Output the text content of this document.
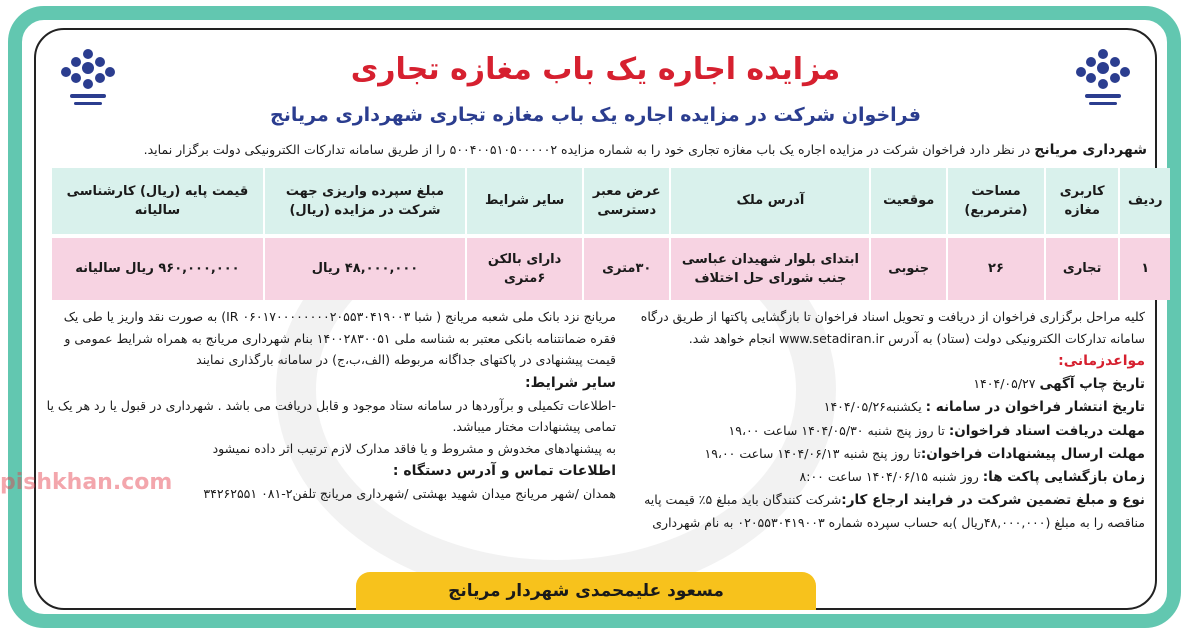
مزایده اجاره یک باب مغازه تجاری
فراخوان شرکت در مزایده اجاره یک باب مغازه تجاری شهرداری مریانج
شهرداری مریانج در نظر دارد فراخوان شرکت در مزایده اجاره یک باب مغازه تجاری خود را به شماره مزایده ۵۰۰۴۰۰۵۱۰۵۰۰۰۰۰۲ را از طریق سامانه تدارکات الکترونیکی دولت برگزار نماید.
ردیف	کاربری مغازه	مساحت (مترمربع)	موقعیت	آدرس ملک	عرض معبر دسترسی	سایر شرایط	مبلغ سپرده واریزی جهت شرکت در مزایده (ریال)	قیمت پایه (ریال) کارشناسی سالیانه

۱	تجاری	۲۶	جنوبی	ابتدای بلوار شهیدان عباسی جنب شورای حل اختلاف	۳۰متری	دارای بالکن ۶متری	۴۸,۰۰۰,۰۰۰ ریال	۹۶۰,۰۰۰,۰۰۰ ریال سالیانه

کلیه مراحل برگزاری فراخوان از دریافت و تحویل اسناد فراخوان تا بازگشایی پاکتها از طریق درگاه سامانه تدارکات الکترونیکی دولت (ستاد) به آدرس www.setadiran.ir انجام خواهد شد.

مواعدزمانی:

تاریخ چاپ آگهی ۱۴۰۴/۰۵/۲۷

تاریخ انتشار فراخوان در سامانه : یکشنبه۱۴۰۴/۰۵/۲۶

مهلت دریافت اسناد فراخوان: تا روز پنج شنبه ۱۴۰۴/۰۵/۳۰ ساعت ۱۹،۰۰

مهلت ارسال پیشنهادات فراخوان:تا روز پنج شنبه ۱۴۰۴/۰۶/۱۳ ساعت ۱۹،۰۰

زمان بازگشایی پاکت ها: روز شنبه ۱۴۰۴/۰۶/۱۵ ساعت ۸:۰۰

نوع و مبلغ تضمین شرکت در فرایند ارجاع کار:شرکت کنندگان باید مبلغ ۵٪ قیمت پایه مناقصه را به مبلغ (۴۸,۰۰۰,۰۰۰ریال )به حساب سپرده شماره ۰۲۰۵۵۳۰۴۱۹۰۰۳ به نام شهرداری

مریانج نزد بانک ملی شعبه مریانج ( شبا IR ۰۶۰۱۷۰۰۰۰۰۰۰۰۲۰۵۵۳۰۴۱۹۰۰۳) به صورت نقد واریز یا طی یک فقره ضمانتنامه بانکی معتبر به شناسه ملی ۱۴۰۰۲۸۳۰۰۵۱ بنام شهرداری مریانج به همراه شرایط عمومی و قیمت پیشنهادی در پاکتهای جداگانه مربوطه (الف،ب،ج) در سامانه بارگذاری نمایند

سایر شرایط:

-اطلاعات تکمیلی و برآوردها در سامانه ستاد موجود و قابل دریافت می باشد . شهرداری در قبول یا رد هر یک یا تمامی پیشنهادات مختار میباشد.

به پیشنهادهای مخدوش و مشروط و یا فاقد مدارک لازم ترتیب اثر داده نمیشود

اطلاعات تماس و آدرس دستگاه :

همدان /شهر مریانج میدان شهید بهشتی /شهرداری مریانج تلفن۲-۰۸۱ ۳۴۲۶۲۵۵۱

مسعود علیمحمدی شهردار مریانج
pishkhan.com
